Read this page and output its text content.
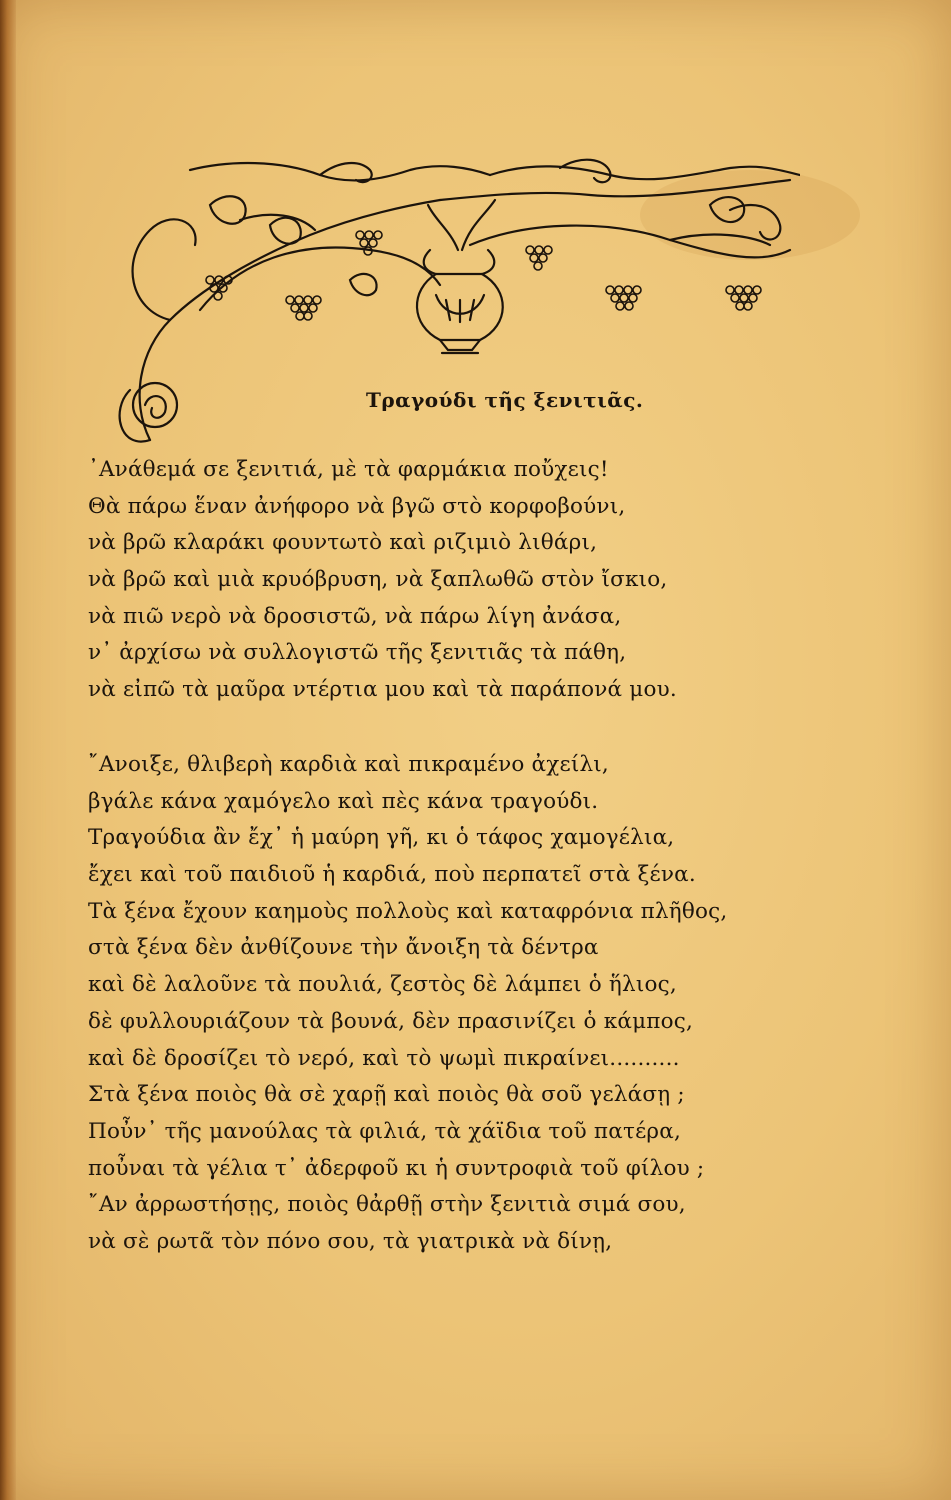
Τραγούδι τῆς ξενιτιᾶς.
᾿Ανάθεμά σε ξενιτιά, μὲ τὰ φαρμάκια ποὔχεις!
Θὰ πάρω ἕναν ἀνήφορο νὰ βγῶ στὸ κορφοβούνι,
νὰ βρῶ κλαράκι φουντωτὸ καὶ ριζιμιὸ λιθάρι,
νὰ βρῶ καὶ μιὰ κρυόβρυση, νὰ ξαπλωθῶ στὸν ἴσκιο,
νὰ πιῶ νερὸ νὰ δροσιστῶ, νὰ πάρω λίγη ἀνάσα,
ν᾿ ἀρχίσω νὰ συλλογιστῶ τῆς ξενιτιᾶς τὰ πάθη,
νὰ εἰπῶ τὰ μαῦρα ντέρτια μου καὶ τὰ παράπονά μου.
῎Ανοιξε, θλιβερὴ καρδιὰ καὶ πικραμένο ἀχείλι,
βγάλε κάνα χαμόγελο καὶ πὲς κάνα τραγούδι.
Τραγούδια ἂν ἔχ᾿ ἡ μαύρη γῆ, κι ὁ τάφος χαμογέλια,
ἔχει καὶ τοῦ παιδιοῦ ἡ καρδιά, ποὺ περπατεῖ στὰ ξένα.
Τὰ ξένα ἔχουν καημοὺς πολλοὺς καὶ καταφρόνια πλῆθος,
στὰ ξένα δὲν ἀνθίζουνε τὴν ἄνοιξη τὰ δέντρα
καὶ δὲ λαλοῦνε τὰ πουλιά, ζεστὸς δὲ λάμπει ὁ ἥλιος,
δὲ φυλλουριάζουν τὰ βουνά, δὲν πρασινίζει ὁ κάμπος,
καὶ δὲ δροσίζει τὸ νερό, καὶ τὸ ψωμὶ πικραίνει..........
Στὰ ξένα ποιὸς θὰ σὲ χαρῇ καὶ ποιὸς θὰ σοῦ γελάσῃ ;
Πoὖν᾿ τῆς μανούλας τὰ φιλιά, τὰ χάϊδια τοῦ πατέρα,
ποὖναι τὰ γέλια τ᾿ ἀδερφοῦ κι ἡ συντροφιὰ τοῦ φίλου ;
῎Αν ἀρρωστήσῃς, ποιὸς θἀρθῇ στὴν ξενιτιὰ σιμά σου,
νὰ σὲ ρωτᾶ τὸν πόνο σου, τὰ γιατρικὰ νὰ δίνῃ,
